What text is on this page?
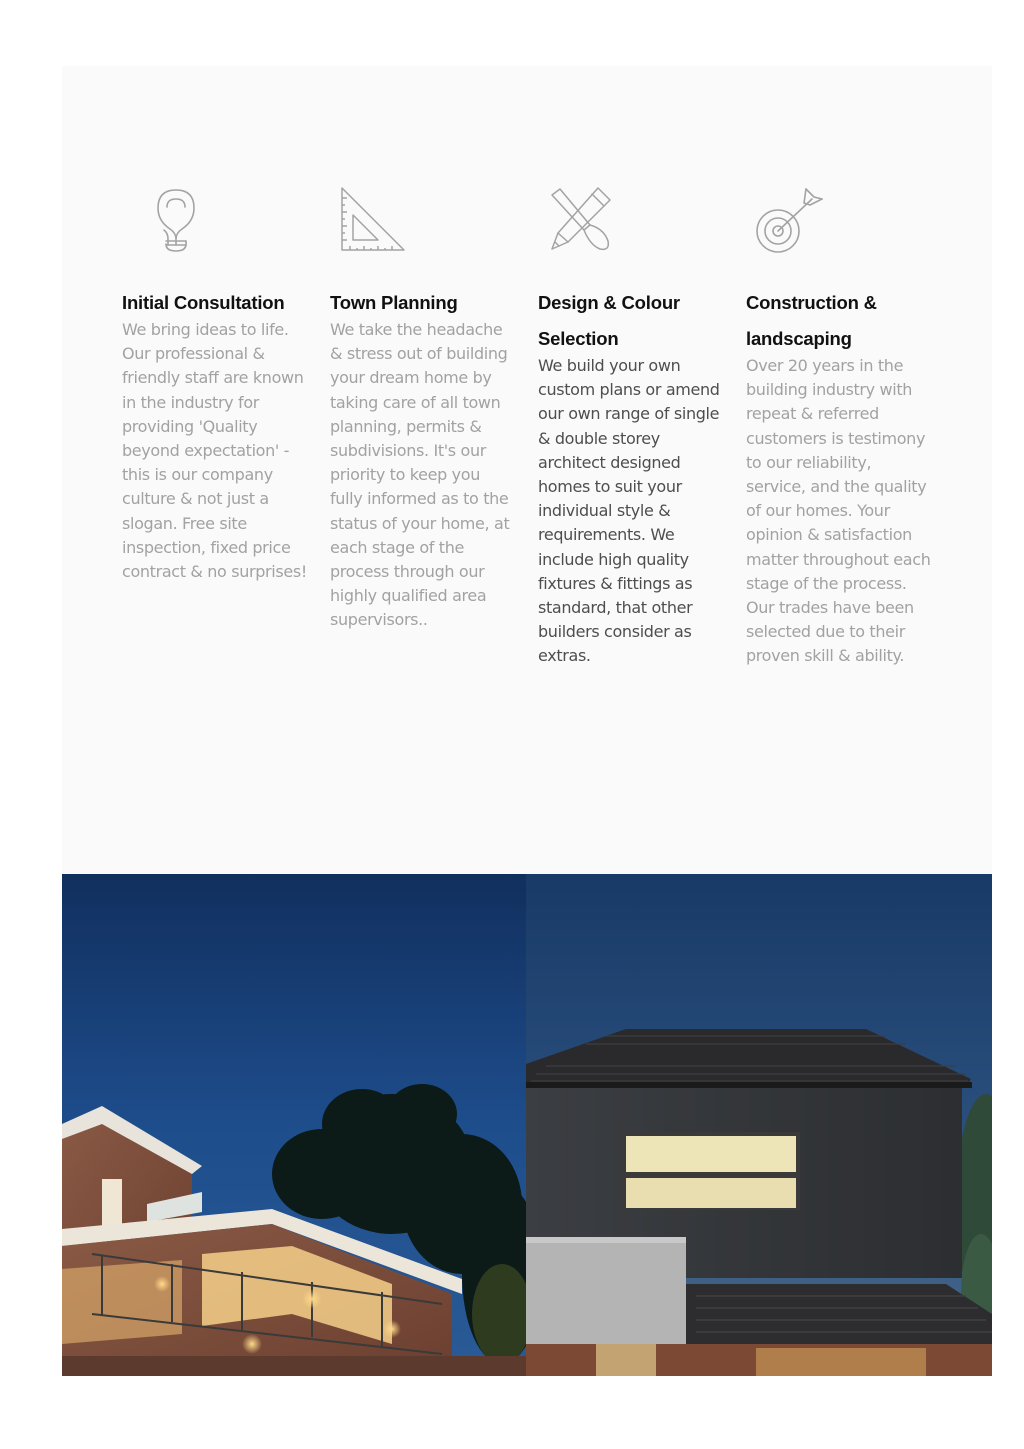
Initial Consultation
We bring ideas to life. Our professional & friendly staff are known in the industry for providing 'Quality beyond expectation' - this is our company culture & not just a slogan. Free site inspection, fixed price contract & no surprises!
Town Planning
We take the headache & stress out of building your dream home by taking care of all town planning, permits & subdivisions. It's our priority to keep you fully informed as to the status of your home, at each stage of the process through our highly qualified area supervisors..
Design & Colour Selection
We build your own custom plans or amend our own range of single & double storey architect designed homes to suit your individual style & requirements. We include high quality fixtures & fittings as standard, that other builders consider as extras.
Construction & landscaping
Over 20 years in the building industry with repeat & referred customers is testimony to our reliability, service, and the quality of our homes. Your opinion & satisfaction matter throughout each stage of the process. Our trades have been selected due to their proven skill & ability.
